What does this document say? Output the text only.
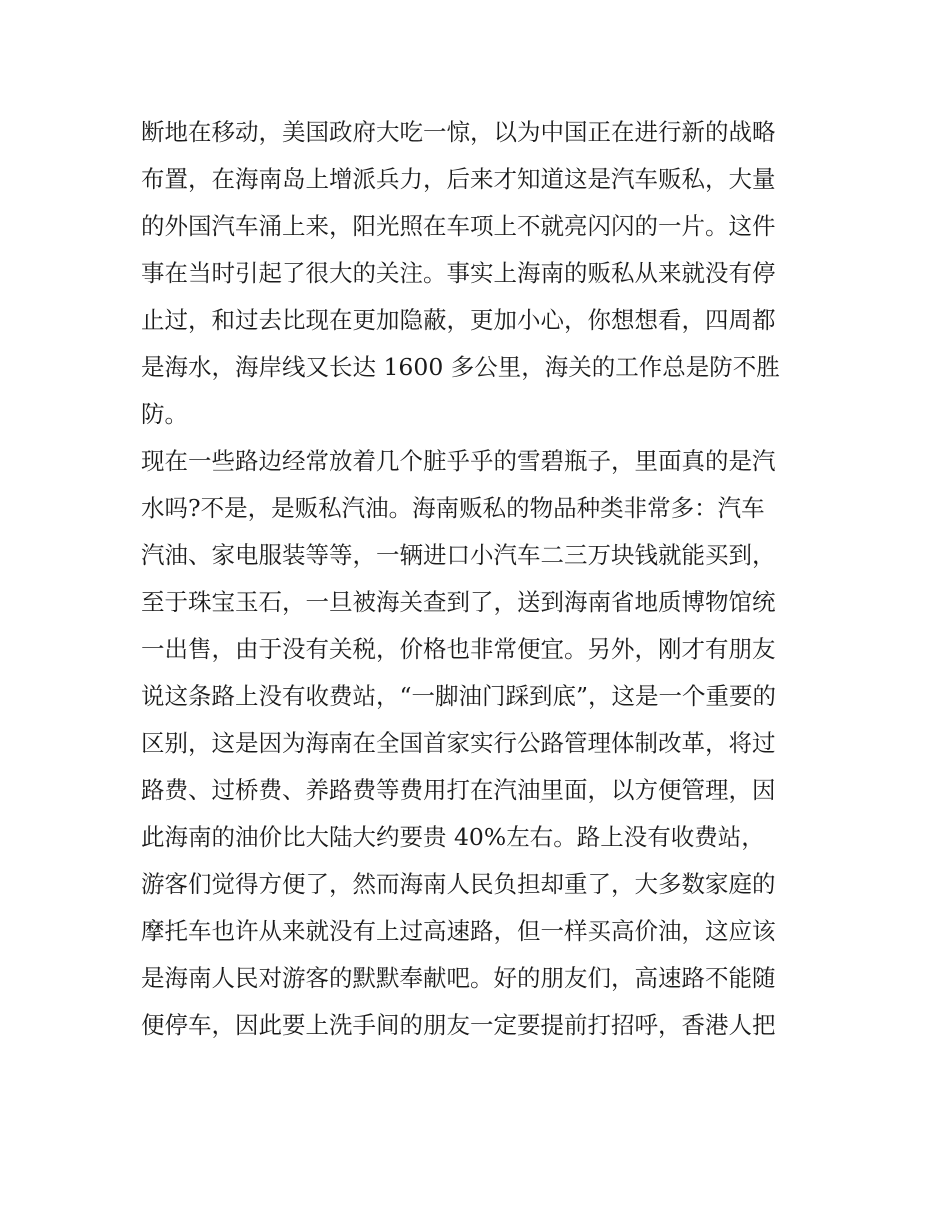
断地在移动，美国政府大吃一惊，以为中国正在进行新的战略
布置，在海南岛上增派兵力，后来才知道这是汽车贩私，大量
的外国汽车涌上来，阳光照在车项上不就亮闪闪的一片。这件
事在当时引起了很大的关注。事实上海南的贩私从来就没有停
止过，和过去比现在更加隐蔽，更加小心，你想想看，四周都
是海水，海岸线又长达 1600 多公里，海关的工作总是防不胜
防。
现在一些路边经常放着几个脏乎乎的雪碧瓶子，里面真的是汽
水吗?不是，是贩私汽油。海南贩私的物品种类非常多：汽车
汽油、家电服装等等，一辆进口小汽车二三万块钱就能买到，
至于珠宝玉石，一旦被海关查到了，送到海南省地质博物馆统
一出售，由于没有关税，价格也非常便宜。另外，刚才有朋友
说这条路上没有收费站，“一脚油门踩到底”，这是一个重要的
区别，这是因为海南在全国首家实行公路管理体制改革，将过
路费、过桥费、养路费等费用打在汽油里面，以方便管理，因
此海南的油价比大陆大约要贵 40%左右。路上没有收费站，
游客们觉得方便了，然而海南人民负担却重了，大多数家庭的
摩托车也许从来就没有上过高速路，但一样买高价油，这应该
是海南人民对游客的默默奉献吧。好的朋友们，高速路不能随
便停车，因此要上洗手间的朋友一定要提前打招呼，香港人把
